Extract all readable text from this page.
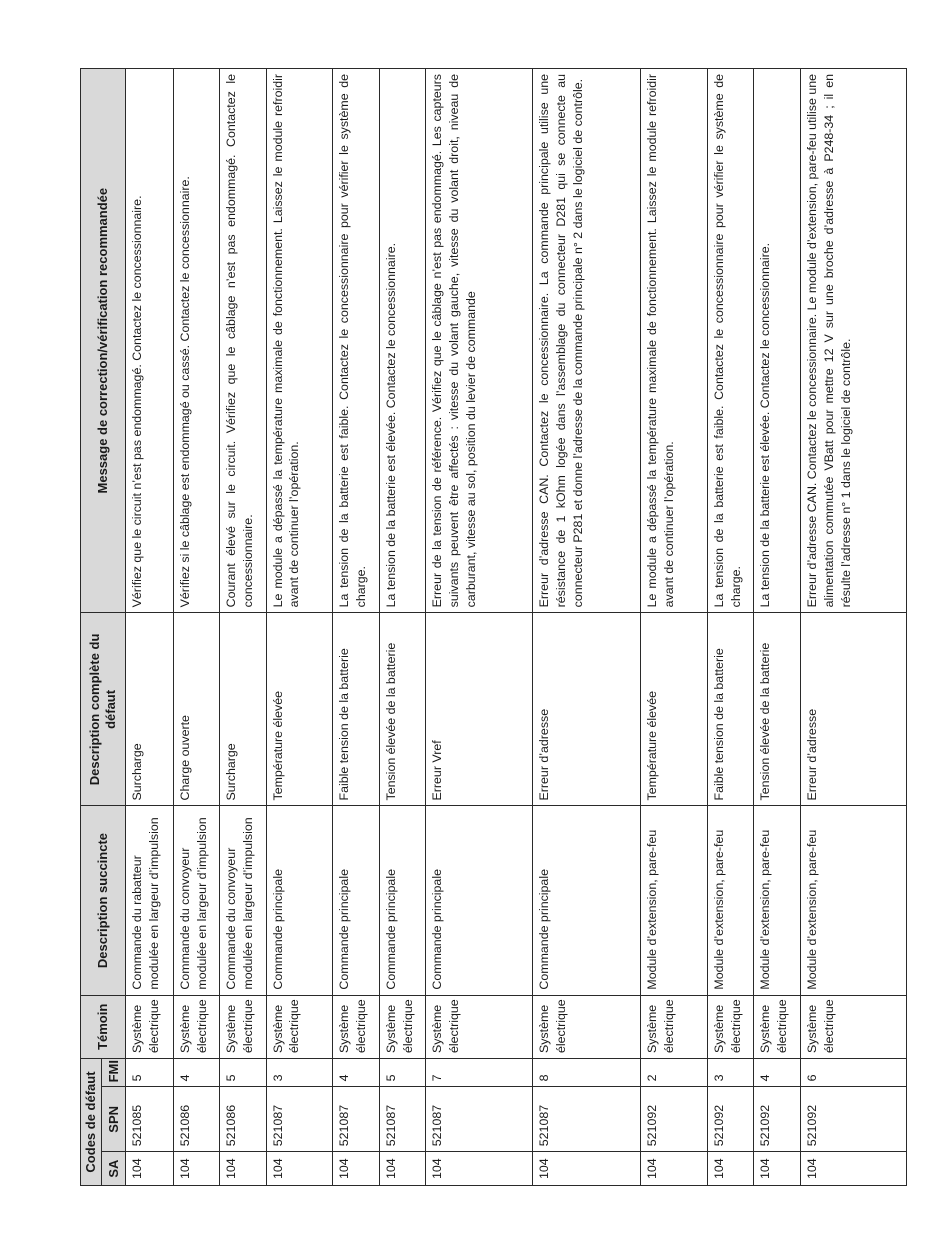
Codes de défaut			Témoin	Description succincte	Description complète du défaut	Message de correction/vérification recommandée
SA	SPN	FMI				
104	521085	5	Système électrique	Commande du rabatteur modulée en largeur d’impulsion	Surcharge	Vérifiez que le circuit n’est pas endommagé. Contactez le concessionnaire.
104	521086	4	Système électrique	Commande du convoyeur modulée en largeur d’impulsion	Charge ouverte	Vérifiez si le câblage est endommagé ou cassé. Contactez le concessionnaire.
104	521086	5	Système électrique	Commande du convoyeur modulée en largeur d’impulsion	Surcharge	Courant élevé sur le circuit. Vérifiez que le câblage n’est pas endommagé. Contactez le concessionnaire.
104	521087	3	Système électrique	Commande principale	Température élevée	Le module a dépassé la température maximale de fonctionnement. Laissez le module refroidir avant de continuer l’opération.
104	521087	4	Système électrique	Commande principale	Faible tension de la batterie	La tension de la batterie est faible. Contactez le concessionnaire pour vérifier le système de charge.
104	521087	5	Système électrique	Commande principale	Tension élevée de la batterie	La tension de la batterie est élevée. Contactez le concessionnaire.
104	521087	7	Système électrique	Commande principale	Erreur Vref	Erreur de la tension de référence. Vérifiez que le câblage n’est pas endommagé. Les capteurs suivants peuvent être affectés : vitesse du volant gauche, vitesse du volant droit, niveau de carburant, vitesse au sol, position du levier de commande
104	521087	8	Système électrique	Commande principale	Erreur d’adresse	Erreur d’adresse CAN. Contactez le concessionnaire. La commande principale utilise une résistance de 1 kOhm logée dans l’assemblage du connecteur D281 qui se connecte au connecteur P281 et donne l’adresse de la commande principale n° 2 dans le logiciel de contrôle.
104	521092	2	Système électrique	Module d’extension, pare-feu	Température élevée	Le module a dépassé la température maximale de fonctionnement. Laissez le module refroidir avant de continuer l’opération.
104	521092	3	Système électrique	Module d’extension, pare-feu	Faible tension de la batterie	La tension de la batterie est faible. Contactez le concessionnaire pour vérifier le système de charge.
104	521092	4	Système électrique	Module d’extension, pare-feu	Tension élevée de la batterie	La tension de la batterie est élevée. Contactez le concessionnaire.
104	521092	6	Système électrique	Module d’extension, pare-feu	Erreur d’adresse	Erreur d’adresse CAN. Contactez le concessionnaire. Le module d’extension, pare-feu utilise une alimentation commutée VBatt pour mettre 12 V sur une broche d’adresse à P248-34 ; il en résulte l’adresse n° 1 dans le logiciel de contrôle.
